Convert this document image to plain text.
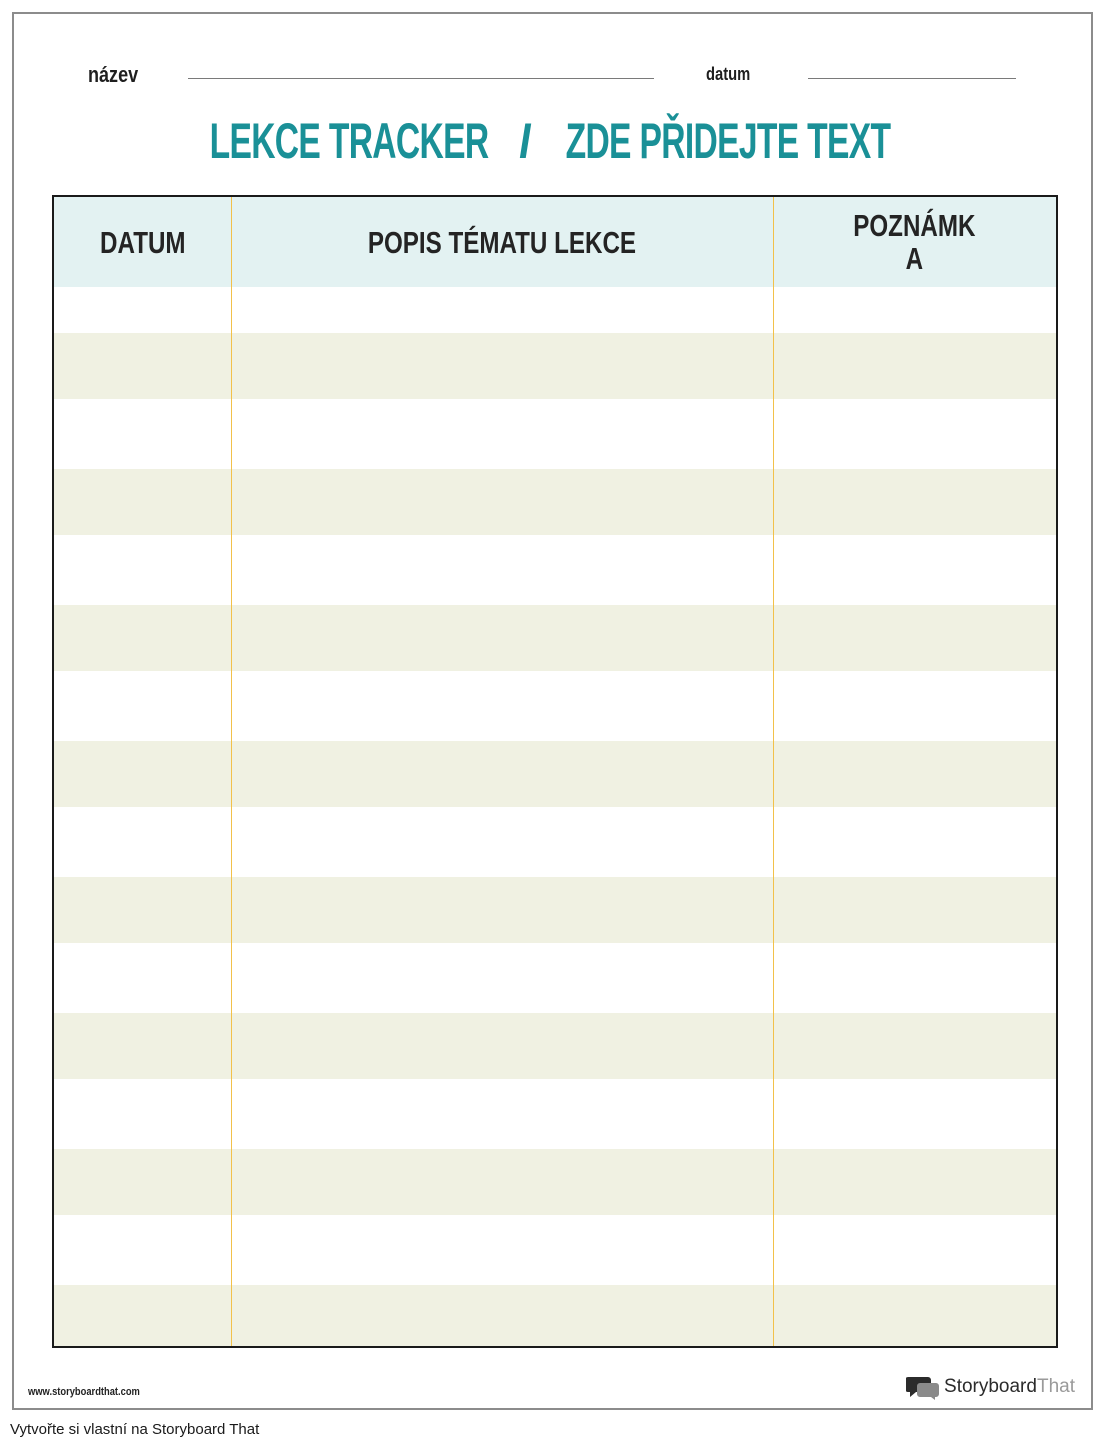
název	datum
LEKCE TRACKERI ZDE PŘIDEJTE TEXT
DATUM	POPIS TÉMATU LEKCE	POZNÁMK
A
www.storyboardthat.com	Storyboard That
Vytvořte si vlastní na Storyboard That
